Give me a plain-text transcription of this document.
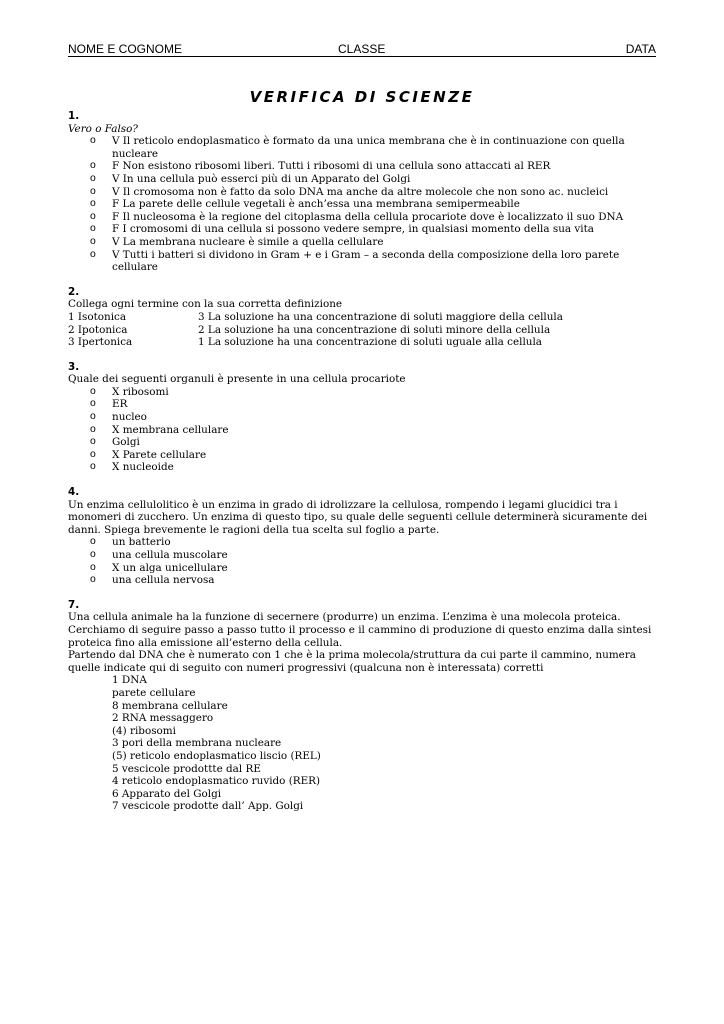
NOME E COGNOME	CLASSE	DATA
VERIFICA DI SCIENZE
1.
Vero o Falso?
o V Il reticolo endoplasmatico è formato da una unica membrana che è in continuazione con quella nucleare
o F Non esistono ribosomi liberi. Tutti i ribosomi di una cellula sono attaccati al RER
o V In una cellula può esserci più di un Apparato del Golgi
o V Il cromosoma non è fatto da solo DNA ma anche da altre molecole che non sono ac. nucleici
o F La parete delle cellule vegetali è anch’essa una membrana semipermeabile
o F Il nucleosoma è la regione del citoplasma della cellula procariote dove è localizzato il suo DNA
o F I cromosomi di una cellula si possono vedere sempre, in qualsiasi momento della sua vita
o V La membrana nucleare è simile a quella cellulare
o V Tutti i batteri si dividono in Gram + e i Gram – a seconda della composizione della loro parete cellulare
2.
Collega ogni termine con la sua corretta definizione
1 Isotonica	3 La soluzione ha una concentrazione di soluti maggiore della cellula
2 Ipotonica	2 La soluzione ha una concentrazione di soluti minore della cellula
3 Ipertonica	1 La soluzione ha una concentrazione di soluti uguale alla cellula
3.
Quale dei seguenti organuli è presente in una cellula procariote
o X ribosomi
o ER
o nucleo
o X membrana cellulare
o Golgi
o X Parete cellulare
o X nucleoide
4.

Un enzima cellulolitico è un enzima in grado di idrolizzare la cellulosa, rompendo i legami glucidici tra i monomeri di zucchero. Un enzima di questo tipo, su quale delle seguenti cellule determinerà sicuramente dei danni. Spiega brevemente le ragioni della tua scelta sul foglio a parte.

o un batterio
o una cellula muscolare
o X un alga unicellulare
o una cellula nervosa
7.

Una cellula animale ha la funzione di secernere (produrre) un enzima. L’enzima è una molecola proteica. Cerchiamo di seguire passo a passo tutto il processo e il cammino di produzione di questo enzima dalla sintesi proteica fino alla emissione all’esterno della cellula.

Partendo dal DNA che è numerato con 1 che è la prima molecola/struttura da cui parte il cammino, numera quelle indicate qui di seguito con numeri progressivi (qualcuna non è interessata) corretti

1 DNA
parete cellulare
8 membrana cellulare
2 RNA messaggero
(4) ribosomi
3 pori della membrana nucleare
(5) reticolo endoplasmatico liscio (REL)
5 vescicole prodottte dal RE
4 reticolo endoplasmatico ruvido (RER)
6 Apparato del Golgi
7 vescicole prodotte dall’ App. Golgi
